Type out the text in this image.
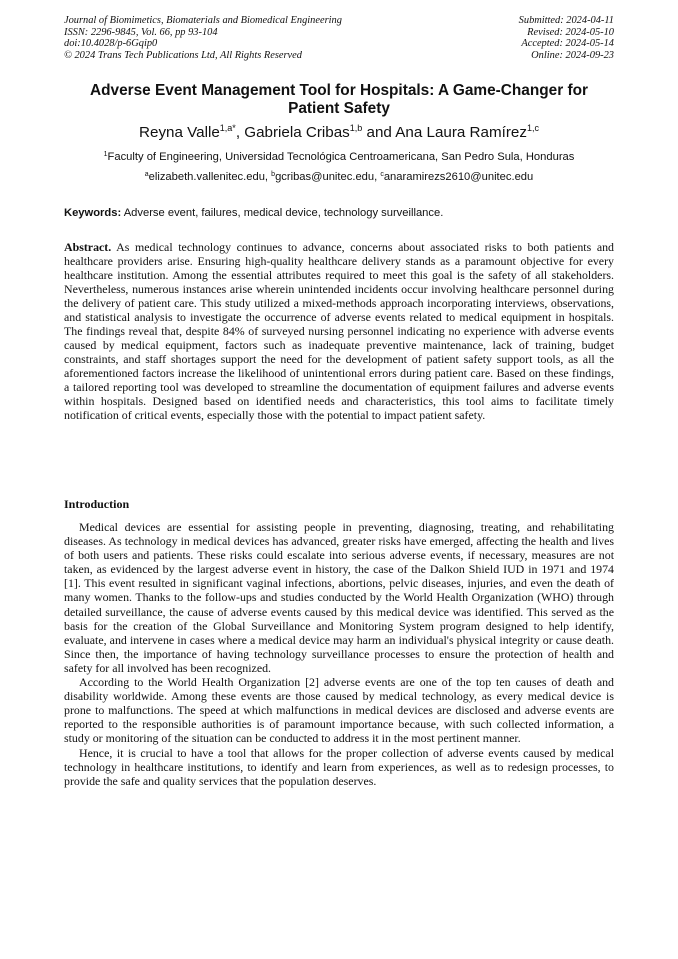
Journal of Biomimetics, Biomaterials and Biomedical Engineering
ISSN: 2296-9845, Vol. 66, pp 93-104
doi:10.4028/p-6Gqip0
© 2024 Trans Tech Publications Ltd, All Rights Reserved
Submitted: 2024-04-11
Revised: 2024-05-10
Accepted: 2024-05-14
Online: 2024-09-23
Adverse Event Management Tool for Hospitals: A Game-Changer for Patient Safety
Reyna Valle$^{1,a*}$, Gabriela Cribas$^{1,b}$ and Ana Laura Ramírez$^{1,c}$
$^1$Faculty of Engineering, Universidad Tecnológica Centroamericana, San Pedro Sula, Honduras
$^a$elizabeth.vallenitec.edu, $^b$gcribas@unitec.edu, $^c$anaramirezs2610@unitec.edu
Keywords: Adverse event, failures, medical device, technology surveillance.

Abstract. As medical technology continues to advance, concerns about associated risks to both patients and healthcare providers arise. Ensuring high-quality healthcare delivery stands as a paramount objective for every healthcare institution. Among the essential attributes required to meet this goal is the safety of all stakeholders. Nevertheless, numerous instances arise wherein unintended incidents occur involving healthcare personnel during the delivery of patient care. This study utilized a mixed-methods approach incorporating interviews, observations, and statistical analysis to investigate the occurrence of adverse events related to medical equipment in hospitals. The findings reveal that, despite 84% of surveyed nursing personnel indicating no experience with adverse events caused by medical equipment, factors such as inadequate preventive maintenance, lack of training, budget constraints, and staff shortages support the need for the development of patient safety support tools, as all the aforementioned factors increase the likelihood of unintentional errors during patient care. Based on these findings, a tailored reporting tool was developed to streamline the documentation of equipment failures and adverse events within hospitals. Designed based on identified needs and characteristics, this tool aims to facilitate timely notification of critical events, especially those with the potential to impact patient safety.

Introduction

Medical devices are essential for assisting people in preventing, diagnosing, treating, and rehabilitating diseases. As technology in medical devices has advanced, greater risks have emerged, affecting the health and lives of both users and patients. These risks could escalate into serious adverse events, if necessary, measures are not taken, as evidenced by the largest adverse event in history, the case of the Dalkon Shield IUD in 1971 and 1974 [1]. This event resulted in significant vaginal infections, abortions, pelvic diseases, injuries, and even the death of many women. Thanks to the follow-ups and studies conducted by the World Health Organization (WHO) through detailed surveillance, the cause of adverse events caused by this medical device was identified. This served as the basis for the creation of the Global Surveillance and Monitoring System program designed to help identify, evaluate, and intervene in cases where a medical device may harm an individual's physical integrity or cause death. Since then, the importance of having technology surveillance processes to ensure the protection of health and safety for all involved has been recognized.

According to the World Health Organization [2] adverse events are one of the top ten causes of death and disability worldwide. Among these events are those caused by medical technology, as every medical device is prone to malfunctions. The speed at which malfunctions in medical devices are disclosed and adverse events are reported to the responsible authorities is of paramount importance because, with such collected information, a study or monitoring of the situation can be conducted to address it in the most pertinent manner.

Hence, it is crucial to have a tool that allows for the proper collection of adverse events caused by medical technology in healthcare institutions, to identify and learn from experiences, as well as to redesign processes, to provide the safe and quality services that the population deserves.
